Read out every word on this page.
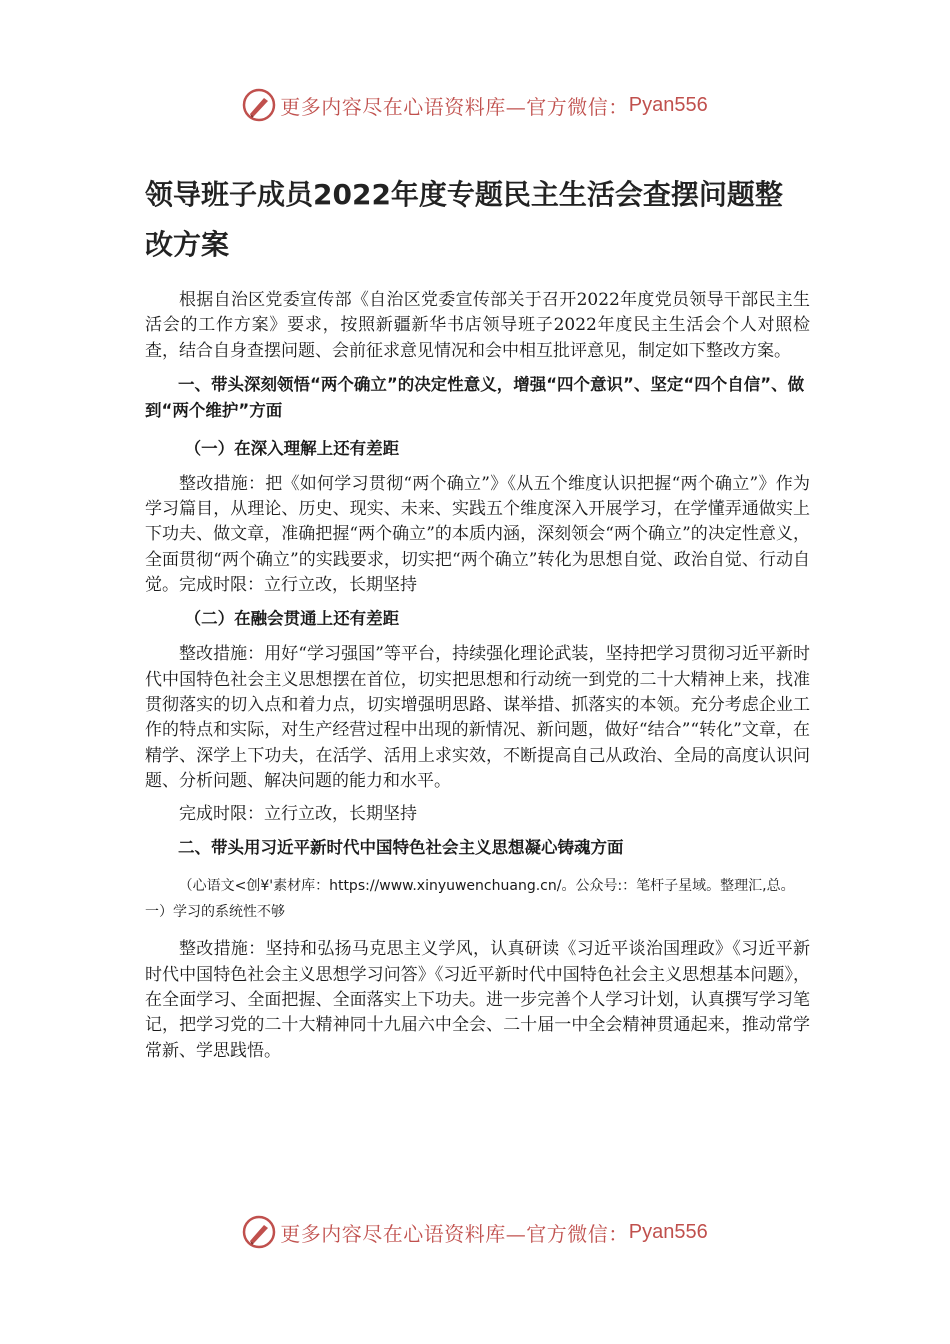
更多内容尽在心语资料库—官方微信： Pyan556
领导班子成员2022年度专题民主生活会查摆问题整改方案

根据自治区党委宣传部《自治区党委宣传部关于召开2022年度党员领导干部民主生活会的工作方案》要求，按照新疆新华书店领导班子2022年度民主生活会个人对照检查，结合自身查摆问题、会前征求意见情况和会中相互批评意见，制定如下整改方案。

一、带头深刻领悟“两个确立”的决定性意义，增强“四个意识”、坚定“四个自信”、做到“两个维护”方面

（一）在深入理解上还有差距

整改措施：把《如何学习贯彻“两个确立”》《从五个维度认识把握“两个确立”》作为学习篇目，从理论、历史、现实、未来、实践五个维度深入开展学习，在学懂弄通做实上下功夫、做文章，准确把握“两个确立”的本质内涵，深刻领会“两个确立”的决定性意义，全面贯彻“两个确立”的实践要求，切实把“两个确立”转化为思想自觉、政治自觉、行动自觉。完成时限：立行立改，长期坚持

（二）在融会贯通上还有差距

整改措施：用好“学习强国”等平台，持续强化理论武装，坚持把学习贯彻习近平新时代中国特色社会主义思想摆在首位，切实把思想和行动统一到党的二十大精神上来，找准贯彻落实的切入点和着力点，切实增强明思路、谋举措、抓落实的本领。充分考虑企业工作的特点和实际，对生产经营过程中出现的新情况、新问题，做好“结合”“转化”文章，在精学、深学上下功夫，在活学、活用上求实效，不断提高自己从政治、全局的高度认识问题、分析问题、解决问题的能力和水平。

完成时限：立行立改，长期坚持

二、带头用习近平新时代中国特色社会主义思想凝心铸魂方面

（心语文<创¥'素材库：https://www.xinyuwenchuang.cn/。公众号:：笔杆子星域。整理汇,总。一）学习的系统性不够

整改措施：坚持和弘扬马克思主义学风，认真研读《习近平谈治国理政》《习近平新时代中国特色社会主义思想学习问答》《习近平新时代中国特色社会主义思想基本问题》，在全面学习、全面把握、全面落实上下功夫。进一步完善个人学习计划，认真撰写学习笔记，把学习党的二十大精神同十九届六中全会、二十届一中全会精神贯通起来，推动常学常新、学思践悟。

更多内容尽在心语资料库—官方微信： Pyan556
